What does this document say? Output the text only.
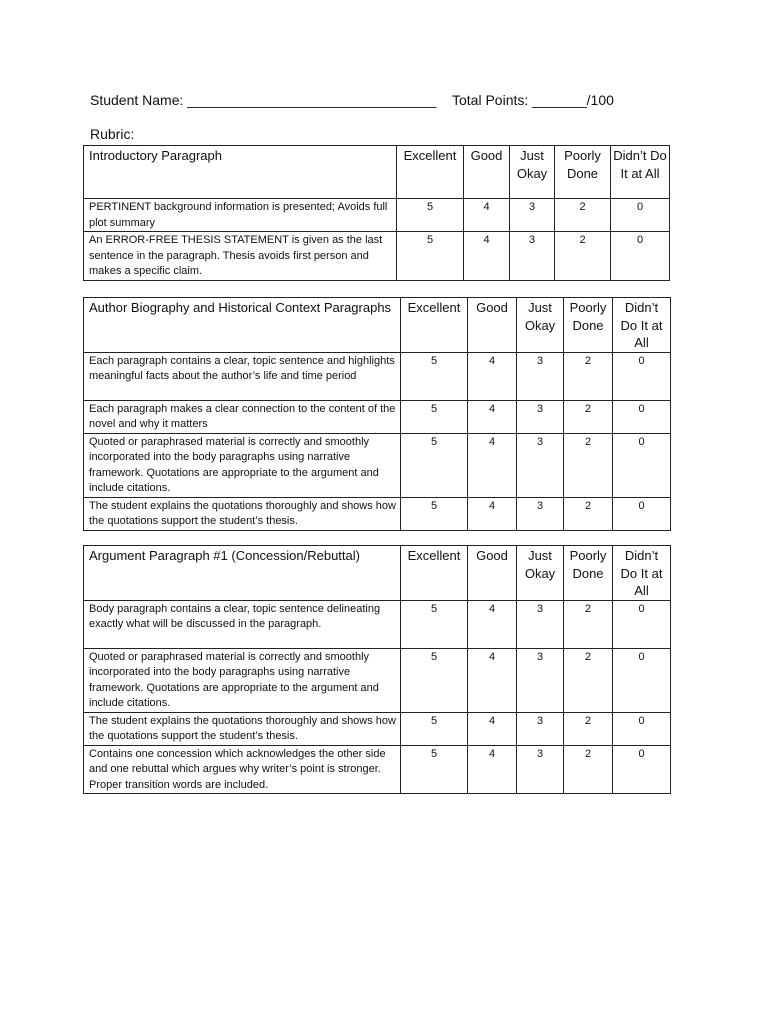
Student Name: ________________________________ Total Points: _______/100
Rubric:
Introductory Paragraph	Excellent	Good	Just Okay	Poorly Done	Didn’t Do It at All
PERTINENT background information is presented; Avoids full plot summary	5	4	3	2	0
An ERROR-FREE THESIS STATEMENT is given as the last sentence in the paragraph. Thesis avoids first person and makes a specific claim.	5	4	3	2	0
Author Biography and Historical Context Paragraphs	Excellent	Good	Just Okay	Poorly Done	Didn’t Do It at All
Each paragraph contains a clear, topic sentence and highlights meaningful facts about the author’s life and time period	5	4	3	2	0
Each paragraph makes a clear connection to the content of the novel and why it matters	5	4	3	2	0
Quoted or paraphrased material is correctly and smoothly incorporated into the body paragraphs using narrative framework. Quotations are appropriate to the argument and include citations.	5	4	3	2	0
The student explains the quotations thoroughly and shows how the quotations support the student’s thesis.	5	4	3	2	0
Argument Paragraph #1 (Concession/Rebuttal)	Excellent	Good	Just Okay	Poorly Done	Didn’t Do It at All
Body paragraph contains a clear, topic sentence delineating exactly what will be discussed in the paragraph.	5	4	3	2	0
Quoted or paraphrased material is correctly and smoothly incorporated into the body paragraphs using narrative framework. Quotations are appropriate to the argument and include citations.	5	4	3	2	0
The student explains the quotations thoroughly and shows how the quotations support the student’s thesis.	5	4	3	2	0
Contains one concession which acknowledges the other side and one rebuttal which argues why writer’s point is stronger. Proper transition words are included.	5	4	3	2	0
